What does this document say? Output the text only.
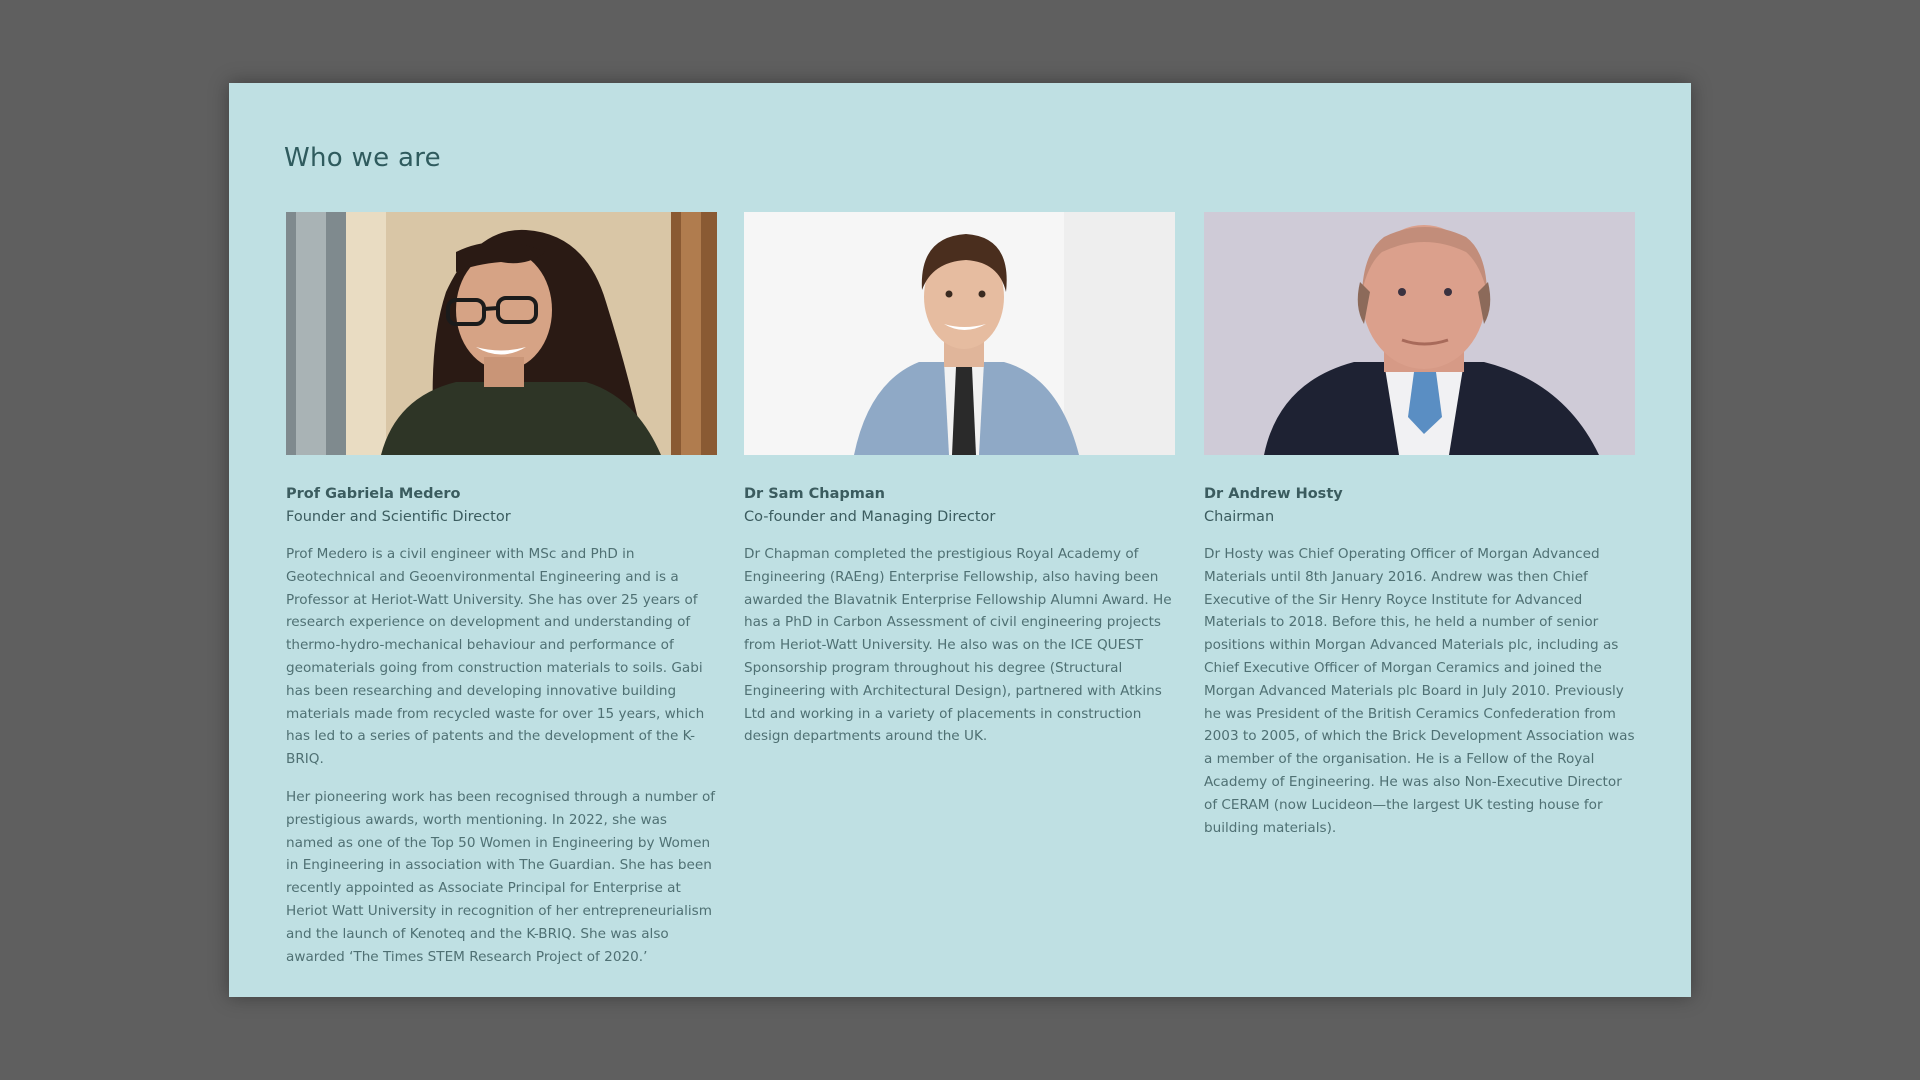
Who we are

Prof Gabriela Medero

Founder and Scientific Director

Prof Medero is a civil engineer with MSc and PhD in Geotechnical and Geoenvironmental Engineering and is a Professor at Heriot-Watt University. She has over 25 years of research experience on development and understanding of thermo-hydro-mechanical behaviour and performance of geomaterials going from construction materials to soils. Gabi has been researching and developing innovative building materials made from recycled waste for over 15 years, which has led to a series of patents and the development of the K-BRIQ.

Her pioneering work has been recognised through a number of prestigious awards, worth mentioning. In 2022, she was named as one of the Top 50 Women in Engineering by Women in Engineering in association with The Guardian. She has been recently appointed as Associate Principal for Enterprise at Heriot Watt University in recognition of her entrepreneurialism and the launch of Kenoteq and the K-BRIQ. She was also awarded ‘The Times STEM Research Project of 2020.’

Dr Sam Chapman

Co-founder and Managing Director

Dr Chapman completed the prestigious Royal Academy of Engineering (RAEng) Enterprise Fellowship, also having been awarded the Blavatnik Enterprise Fellowship Alumni Award. He has a PhD in Carbon Assessment of civil engineering projects from Heriot-Watt University. He also was on the ICE QUEST Sponsorship program throughout his degree (Structural Engineering with Architectural Design), partnered with Atkins Ltd and working in a variety of placements in construction design departments around the UK.

Dr Andrew Hosty

Chairman

Dr Hosty was Chief Operating Officer of Morgan Advanced Materials until 8th January 2016. Andrew was then Chief Executive of the Sir Henry Royce Institute for Advanced Materials to 2018. Before this, he held a number of senior positions within Morgan Advanced Materials plc, including as Chief Executive Officer of Morgan Ceramics and joined the Morgan Advanced Materials plc Board in July 2010. Previously he was President of the British Ceramics Confederation from 2003 to 2005, of which the Brick Development Association was a member of the organisation. He is a Fellow of the Royal Academy of Engineering. He was also Non-Executive Director of CERAM (now Lucideon—the largest UK testing house for building materials).
